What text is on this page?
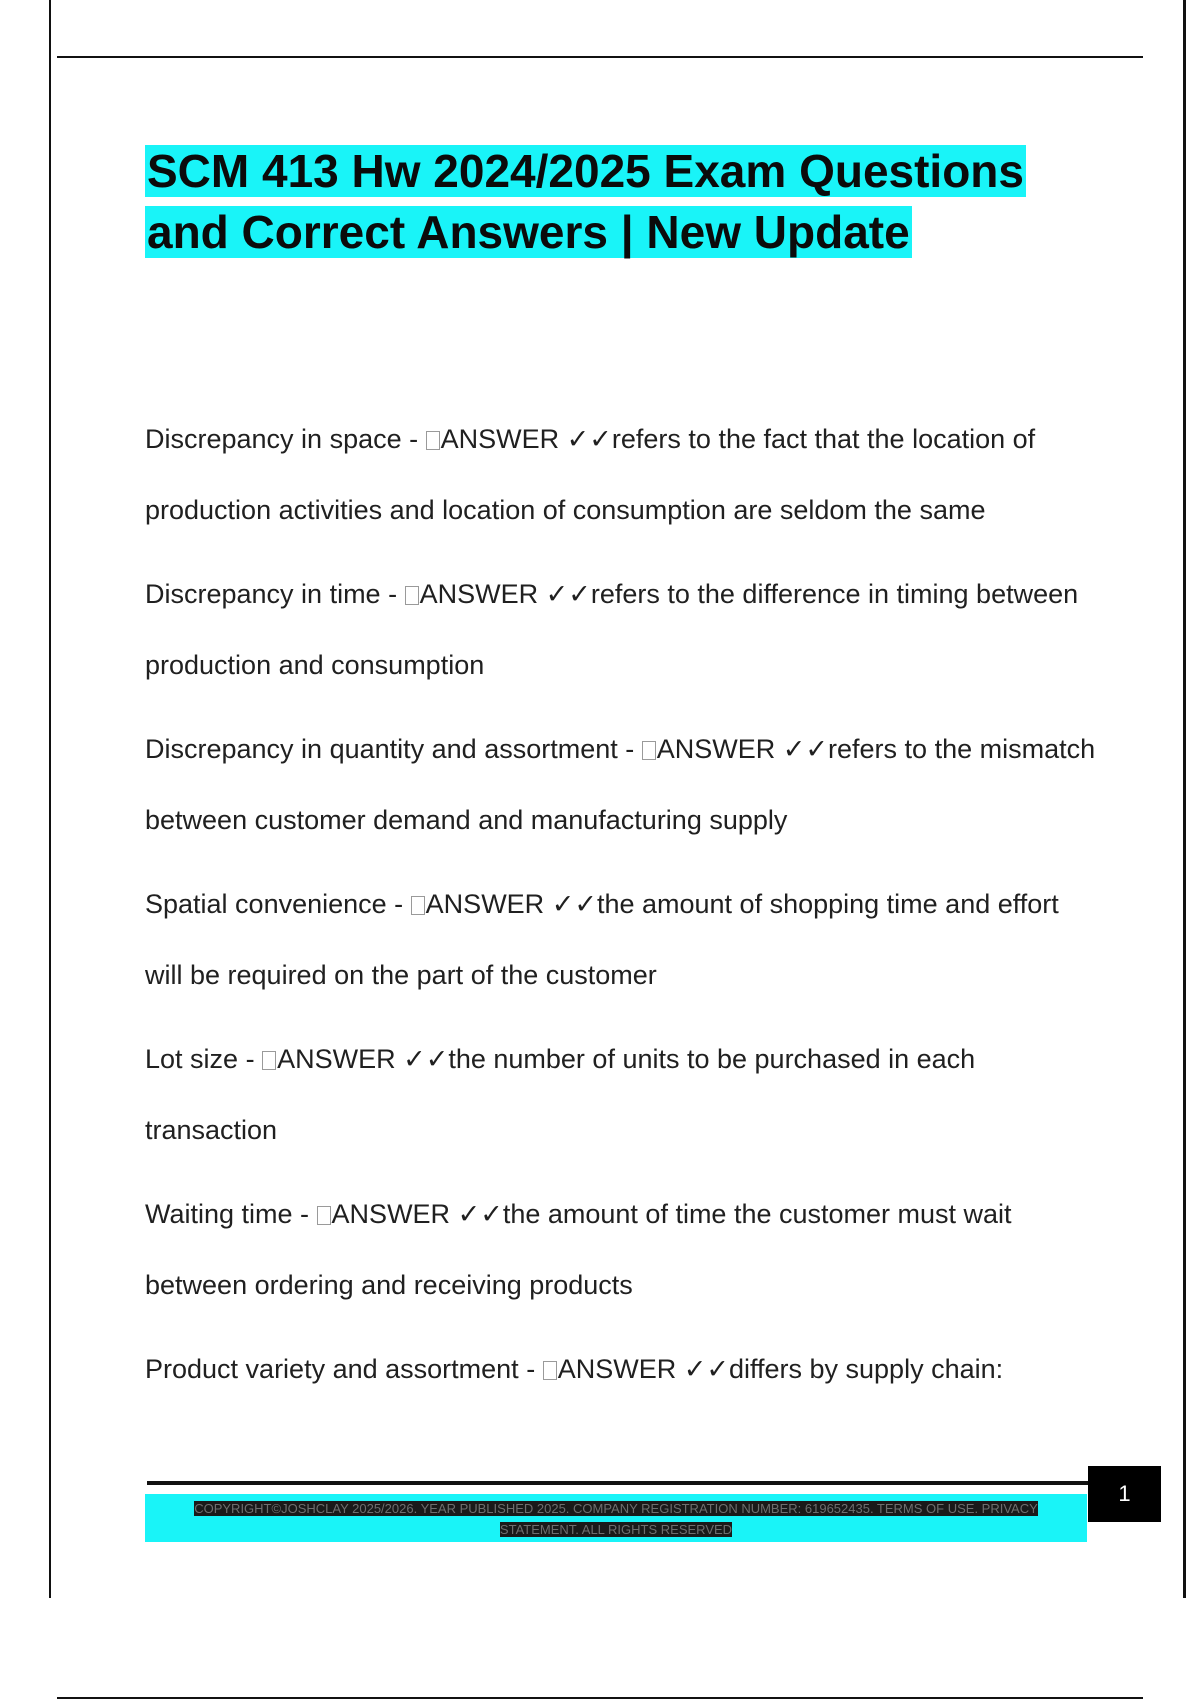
SCM 413 Hw 2024/2025 Exam Questions and Correct Answers | New Update
Discrepancy in space - ANSWER ✓✓refers to the fact that the location of production activities and location of consumption are seldom the same
Discrepancy in time - ANSWER ✓✓refers to the difference in timing between production and consumption
Discrepancy in quantity and assortment - ANSWER ✓✓refers to the mismatch between customer demand and manufacturing supply
Spatial convenience - ANSWER ✓✓the amount of shopping time and effort will be required on the part of the customer
Lot size - ANSWER ✓✓the number of units to be purchased in each transaction
Waiting time - ANSWER ✓✓the amount of time the customer must wait between ordering and receiving products
Product variety and assortment - ANSWER ✓✓differs by supply chain:
1

COPYRIGHT©JOSHCLAY 2025/2026. YEAR PUBLISHED 2025. COMPANY REGISTRATION NUMBER: 619652435. TERMS OF USE. PRIVACY STATEMENT. ALL RIGHTS RESERVED
